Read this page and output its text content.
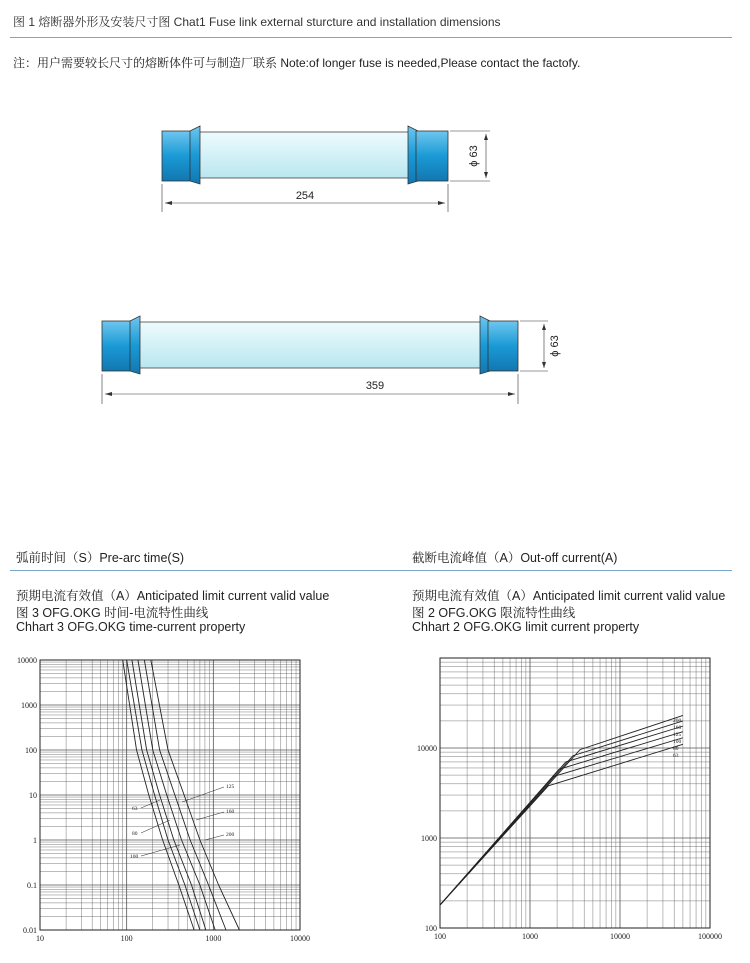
图 1 熔断器外形及安装尺寸图 Chat1 Fuse link external sturcture and installation dimensions
注：用户需要较长尺寸的熔断体件可与制造厂联系 Note:of longer fuse is needed,Please contact the factofy.
254
ϕ 63
359
ϕ 63
弧前时间（S）Pre-arc time(S)	截断电流峰值（A）Out-off current(A)
预期电流有效值（A）Anticipated limit current valid value
图 3 OFG.OKG 时间-电流特性曲线
Chhart 3 OFG.OKG time-current property
预期电流有效值（A）Anticipated limit current valid value
图 2 OFG.OKG 限流特性曲线
Chhart 2 OFG.OKG limit current property
10	100	1000	10000
10000
1000
100
10
1
0.1
0.01
63
80
100
125
160
200
100	1000	10000	100000
10000
1000
100
200
160
125
100
80
63
